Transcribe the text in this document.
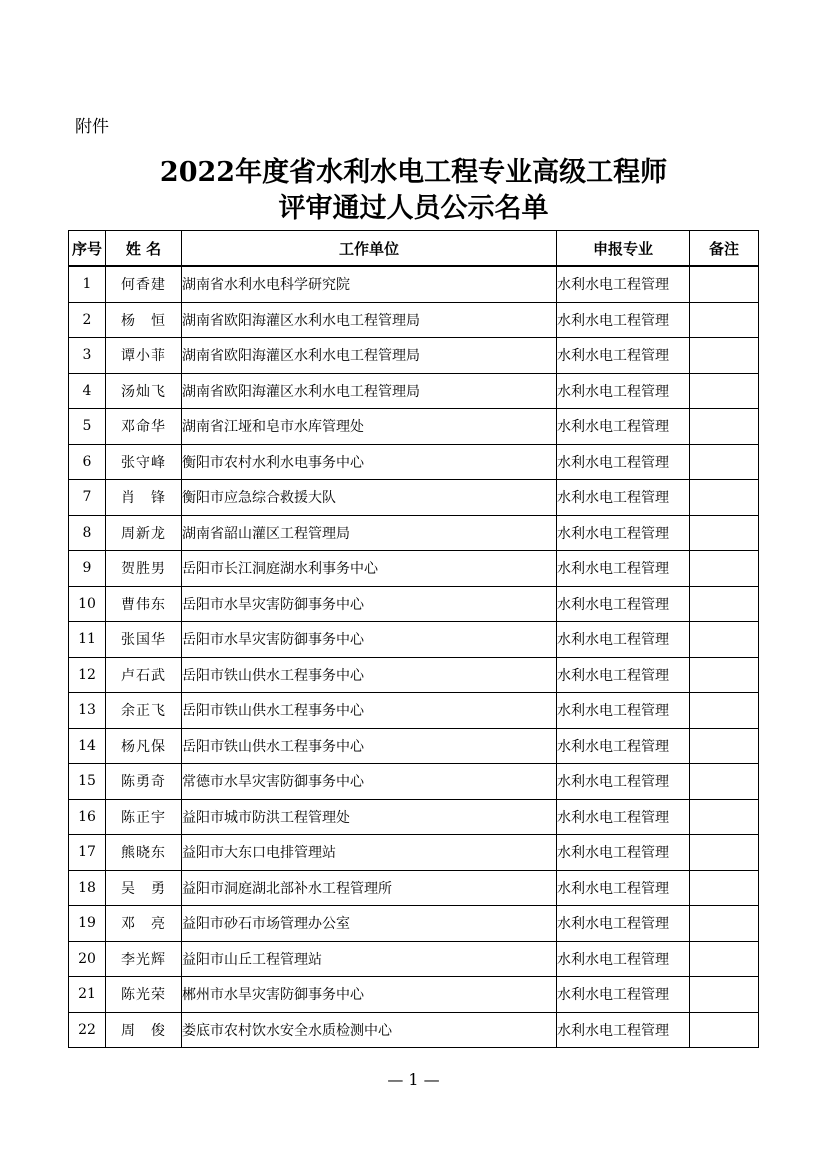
附件
2022年度省水利水电工程专业高级工程师
评审通过人员公示名单
序号	姓 名	工作单位	申报专业	备注
1	何香建	湖南省水利水电科学研究院	水利水电工程管理	
2	杨　恒	湖南省欧阳海灌区水利水电工程管理局	水利水电工程管理	
3	谭小菲	湖南省欧阳海灌区水利水电工程管理局	水利水电工程管理	
4	汤灿飞	湖南省欧阳海灌区水利水电工程管理局	水利水电工程管理	
5	邓命华	湖南省江垭和皂市水库管理处	水利水电工程管理	
6	张守峰	衡阳市农村水利水电事务中心	水利水电工程管理	
7	肖　锋	衡阳市应急综合救援大队	水利水电工程管理	
8	周新龙	湖南省韶山灌区工程管理局	水利水电工程管理	
9	贺胜男	岳阳市长江洞庭湖水利事务中心	水利水电工程管理	
10	曹伟东	岳阳市水旱灾害防御事务中心	水利水电工程管理	
11	张国华	岳阳市水旱灾害防御事务中心	水利水电工程管理	
12	卢石武	岳阳市铁山供水工程事务中心	水利水电工程管理	
13	余正飞	岳阳市铁山供水工程事务中心	水利水电工程管理	
14	杨凡保	岳阳市铁山供水工程事务中心	水利水电工程管理	
15	陈勇奇	常德市水旱灾害防御事务中心	水利水电工程管理	
16	陈正宇	益阳市城市防洪工程管理处	水利水电工程管理	
17	熊晓东	益阳市大东口电排管理站	水利水电工程管理	
18	吴　勇	益阳市洞庭湖北部补水工程管理所	水利水电工程管理	
19	邓　亮	益阳市砂石市场管理办公室	水利水电工程管理	
20	李光辉	益阳市山丘工程管理站	水利水电工程管理	
21	陈光荣	郴州市水旱灾害防御事务中心	水利水电工程管理	
22	周　俊	娄底市农村饮水安全水质检测中心	水利水电工程管理	
— 1 —
